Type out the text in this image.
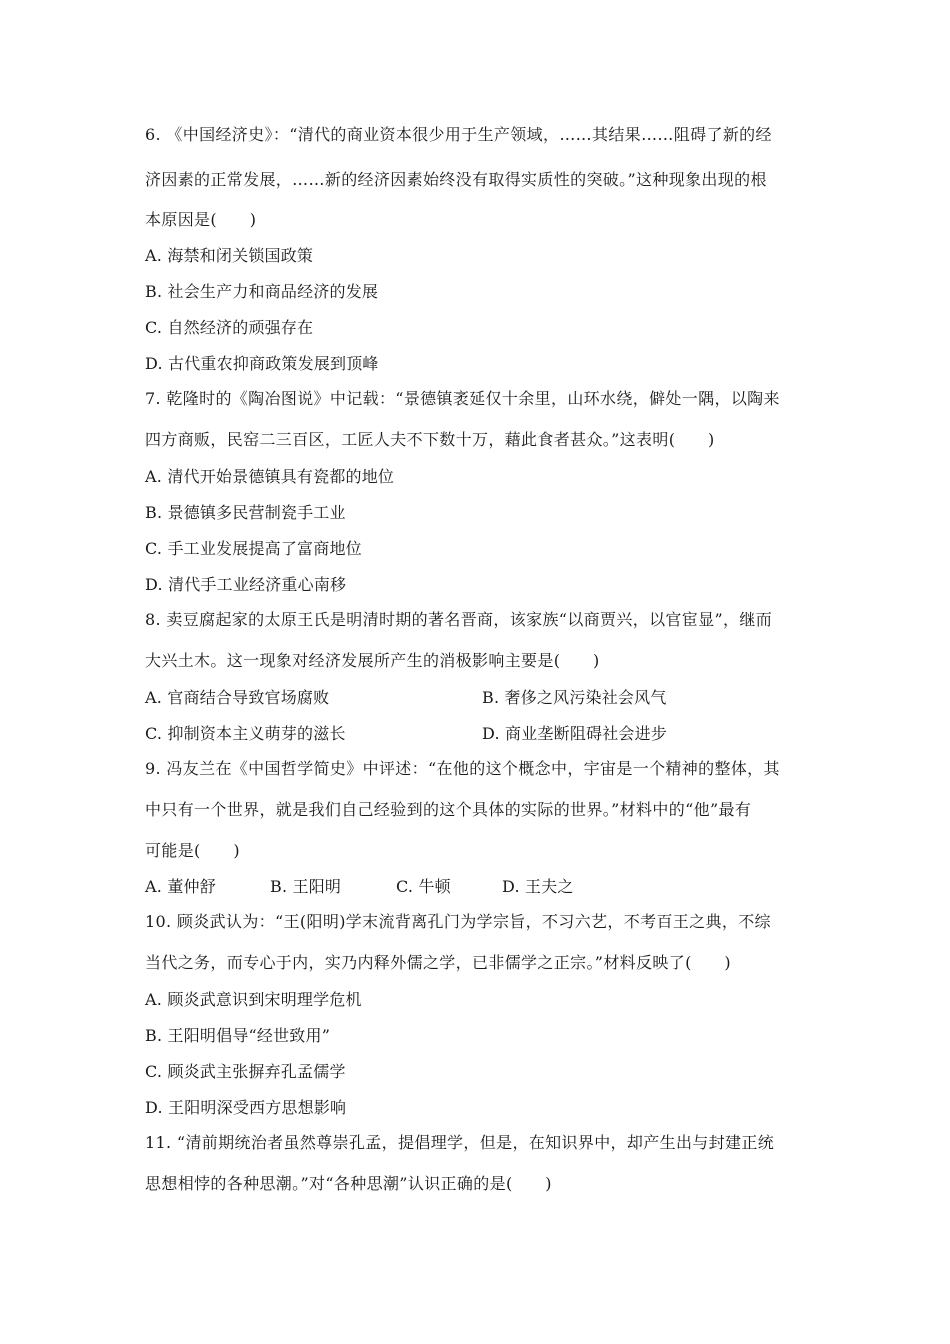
6. 《中国经济史》：“清代的商业资本很少用于生产领域，……其结果……阻碍了新的经

济因素的正常发展，……新的经济因素始终没有取得实质性的突破。”这种现象出现的根

本原因是(　　)

A. 海禁和闭关锁国政策

B. 社会生产力和商品经济的发展

C. 自然经济的顽强存在

D. 古代重农抑商政策发展到顶峰

7. 乾隆时的《陶冶图说》中记载：“景德镇袤延仅十余里，山环水绕，僻处一隅，以陶来

四方商贩，民窑二三百区，工匠人夫不下数十万，藉此食者甚众。”这表明(　　)

A. 清代开始景德镇具有瓷都的地位

B. 景德镇多民营制瓷手工业

C. 手工业发展提高了富商地位

D. 清代手工业经济重心南移

8. 卖豆腐起家的太原王氏是明清时期的著名晋商，该家族“以商贾兴，以官宦显”，继而

大兴土木。这一现象对经济发展所产生的消极影响主要是(　　)

A. 官商结合导致官场腐败	B. 奢侈之风污染社会风气

C. 抑制资本主义萌芽的滋长	D. 商业垄断阻碍社会进步

9. 冯友兰在《中国哲学简史》中评述：“在他的这个概念中，宇宙是一个精神的整体，其

中只有一个世界，就是我们自己经验到的这个具体的实际的世界。”材料中的“他”最有

可能是(　　)

A. 董仲舒	B. 王阳明	C. 牛顿	D. 王夫之

10. 顾炎武认为：“王(阳明)学末流背离孔门为学宗旨，不习六艺，不考百王之典，不综

当代之务，而专心于内，实乃内释外儒之学，已非儒学之正宗。”材料反映了(　　)

A. 顾炎武意识到宋明理学危机

B. 王阳明倡导“经世致用”

C. 顾炎武主张摒弃孔孟儒学

D. 王阳明深受西方思想影响

11. “清前期统治者虽然尊崇孔孟，提倡理学，但是，在知识界中，却产生出与封建正统

思想相悖的各种思潮。”对“各种思潮”认识正确的是(　　)
